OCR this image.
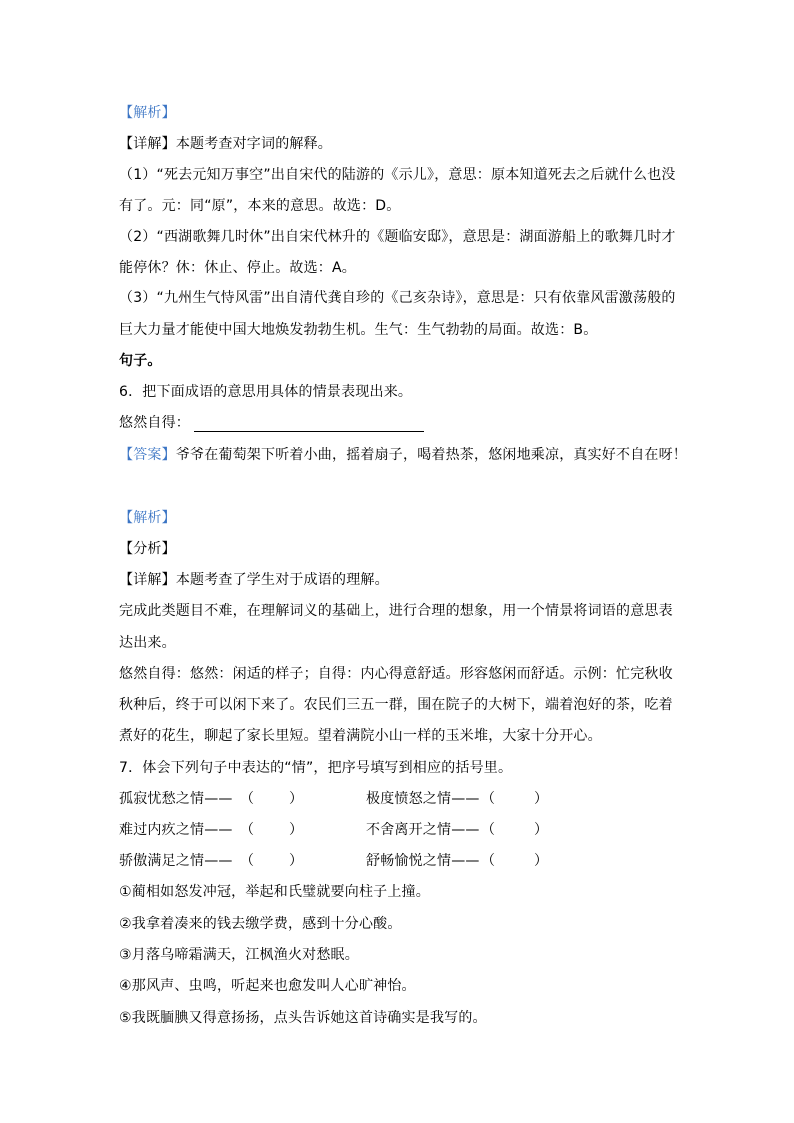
【解析】
【详解】本题考查对字词的解释。
（1）“死去元知万事空”出自宋代的陆游的《示儿》，意思：原本知道死去之后就什么也没
有了。元：同“原”，本来的意思。故选：D。
（2）“西湖歌舞几时休”出自宋代林升的《题临安邸》，意思是：湖面游船上的歌舞几时才
能停休？休：休止、停止。故选：A。
（3）“九州生气恃风雷”出自清代龚自珍的《己亥杂诗》，意思是：只有依靠风雷激荡般的
巨大力量才能使中国大地焕发勃勃生机。生气：生气勃勃的局面。故选：B。
句子。
6．把下面成语的意思用具体的情景表现出来。
悠然自得：
【答案】爷爷在葡萄架下听着小曲，摇着扇子，喝着热茶，悠闲地乘凉，真实好不自在呀！
【解析】
【分析】
【详解】本题考查了学生对于成语的理解。
完成此类题目不难，在理解词义的基础上，进行合理的想象，用一个情景将词语的意思表
达出来。
悠然自得：悠然：闲适的样子；自得：内心得意舒适。形容悠闲而舒适。示例：忙完秋收
秋种后，终于可以闲下来了。农民们三五一群，围在院子的大树下，端着泡好的茶，吃着
煮好的花生，聊起了家长里短。望着满院小山一样的玉米堆，大家十分开心。
7．体会下列句子中表达的“情”，把序号填写到相应的括号里。
孤寂忧愁之情—— （ ）	极度愤怒之情—— （	）
难过内疚之情—— （ ）	不舍离开之情—— （	）
骄傲满足之情—— （ ）	舒畅愉悦之情—— （	）
①蔺相如怒发冲冠，举起和氏璧就要向柱子上撞。
②我拿着凑来的钱去缴学费，感到十分心酸。
③月落乌啼霜满天，江枫渔火对愁眠。
④那风声、虫鸣，听起来也愈发叫人心旷神怡。
⑤我既腼腆又得意扬扬，点头告诉她这首诗确实是我写的。
